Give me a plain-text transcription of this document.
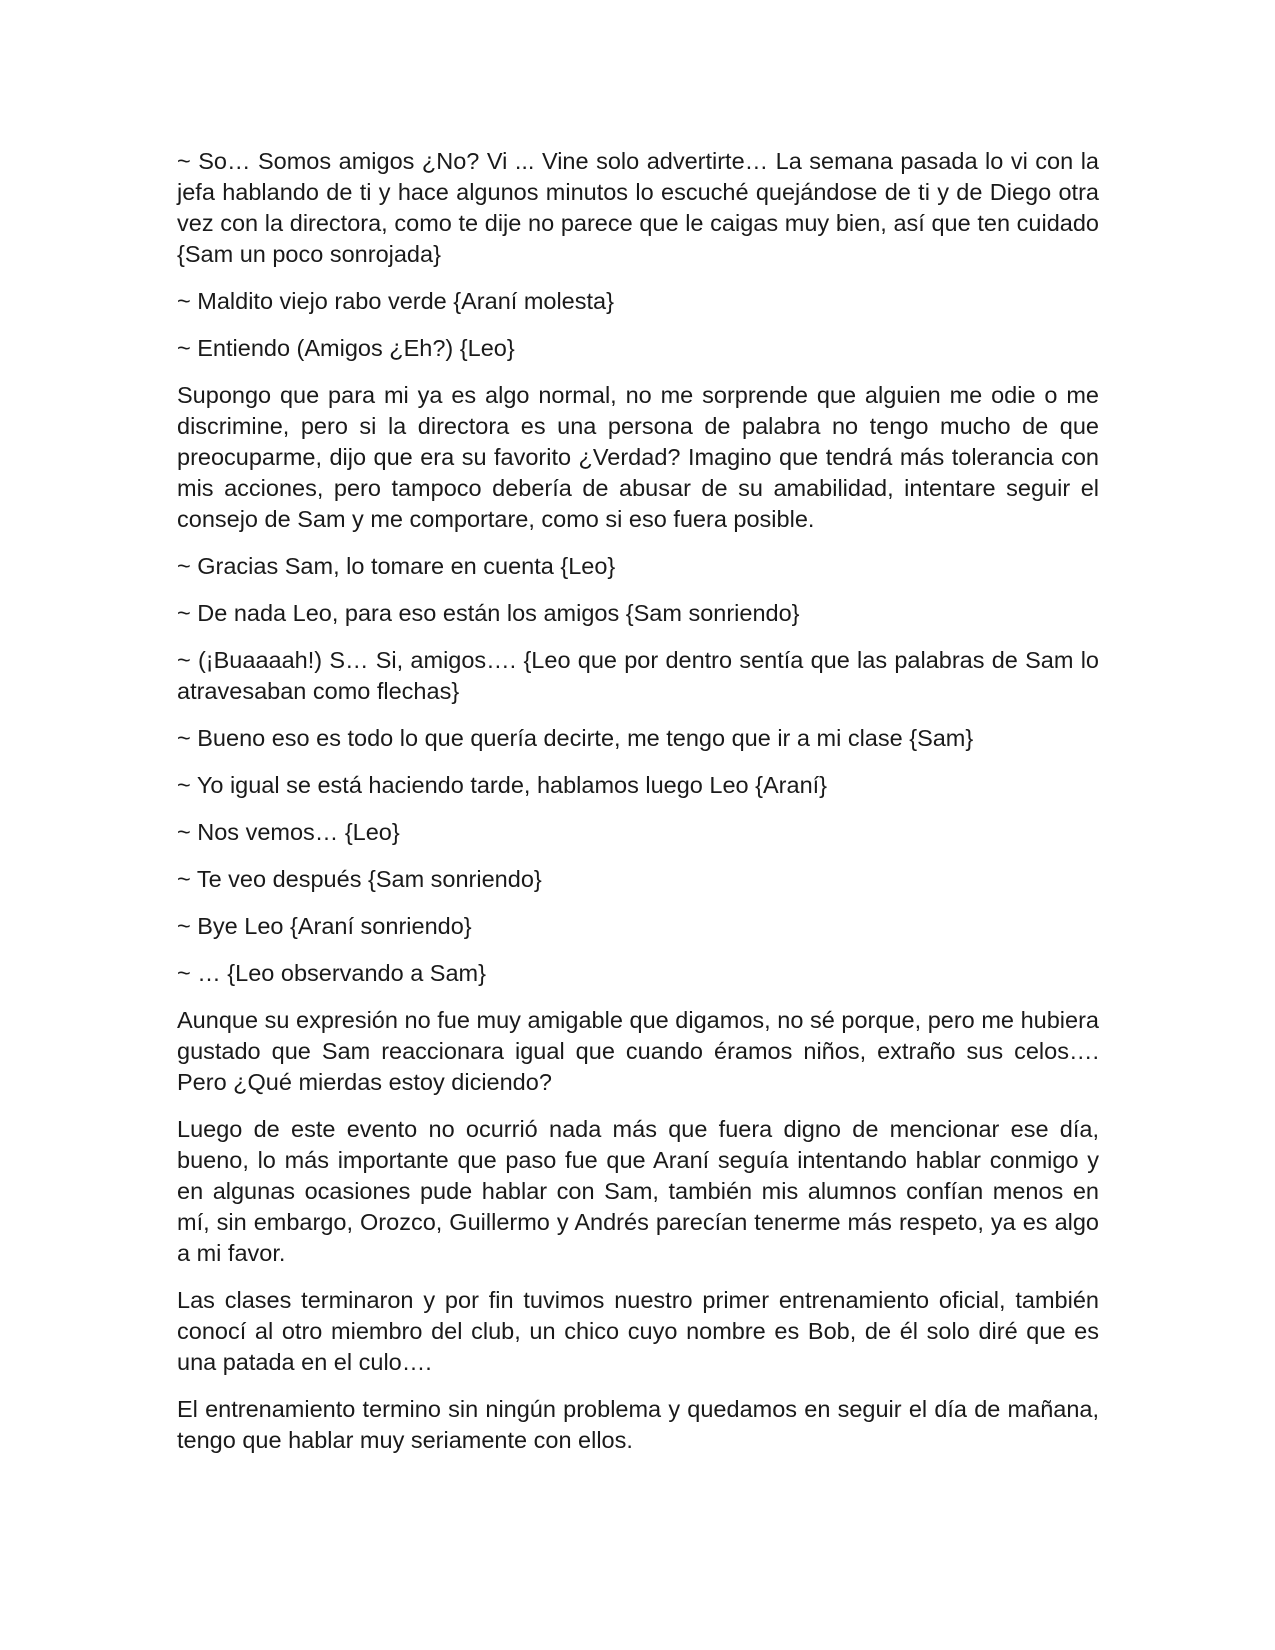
~ So… Somos amigos ¿No? Vi ... Vine solo advertirte… La semana pasada lo vi con la jefa hablando de ti y hace algunos minutos lo escuché quejándose de ti y de Diego otra vez con la directora, como te dije no parece que le caigas muy bien, así que ten cuidado {Sam un poco sonrojada}

~ Maldito viejo rabo verde {Araní molesta}

~ Entiendo (Amigos ¿Eh?) {Leo}

Supongo que para mi ya es algo normal, no me sorprende que alguien me odie o me discrimine, pero si la directora es una persona de palabra no tengo mucho de que preocuparme, dijo que era su favorito ¿Verdad? Imagino que tendrá más tolerancia con mis acciones, pero tampoco debería de abusar de su amabilidad, intentare seguir el consejo de Sam y me comportare, como si eso fuera posible.

~ Gracias Sam, lo tomare en cuenta {Leo}

~ De nada Leo, para eso están los amigos {Sam sonriendo}

~ (¡Buaaaah!) S… Si, amigos…. {Leo que por dentro sentía que las palabras de Sam lo atravesaban como flechas}

~ Bueno eso es todo lo que quería decirte, me tengo que ir a mi clase {Sam}

~ Yo igual se está haciendo tarde, hablamos luego Leo {Araní}

~ Nos vemos… {Leo}

~ Te veo después {Sam sonriendo}

~ Bye Leo {Araní sonriendo}

~ … {Leo observando a Sam}

Aunque su expresión no fue muy amigable que digamos, no sé porque, pero me hubiera gustado que Sam reaccionara igual que cuando éramos niños, extraño sus celos…. Pero ¿Qué mierdas estoy diciendo?

Luego de este evento no ocurrió nada más que fuera digno de mencionar ese día, bueno, lo más importante que paso fue que Araní seguía intentando hablar conmigo y en algunas ocasiones pude hablar con Sam, también mis alumnos confían menos en mí, sin embargo, Orozco, Guillermo y Andrés parecían tenerme más respeto, ya es algo a mi favor.

Las clases terminaron y por fin tuvimos nuestro primer entrenamiento oficial, también conocí al otro miembro del club, un chico cuyo nombre es Bob, de él solo diré que es una patada en el culo….

El entrenamiento termino sin ningún problema y quedamos en seguir el día de mañana, tengo que hablar muy seriamente con ellos.
